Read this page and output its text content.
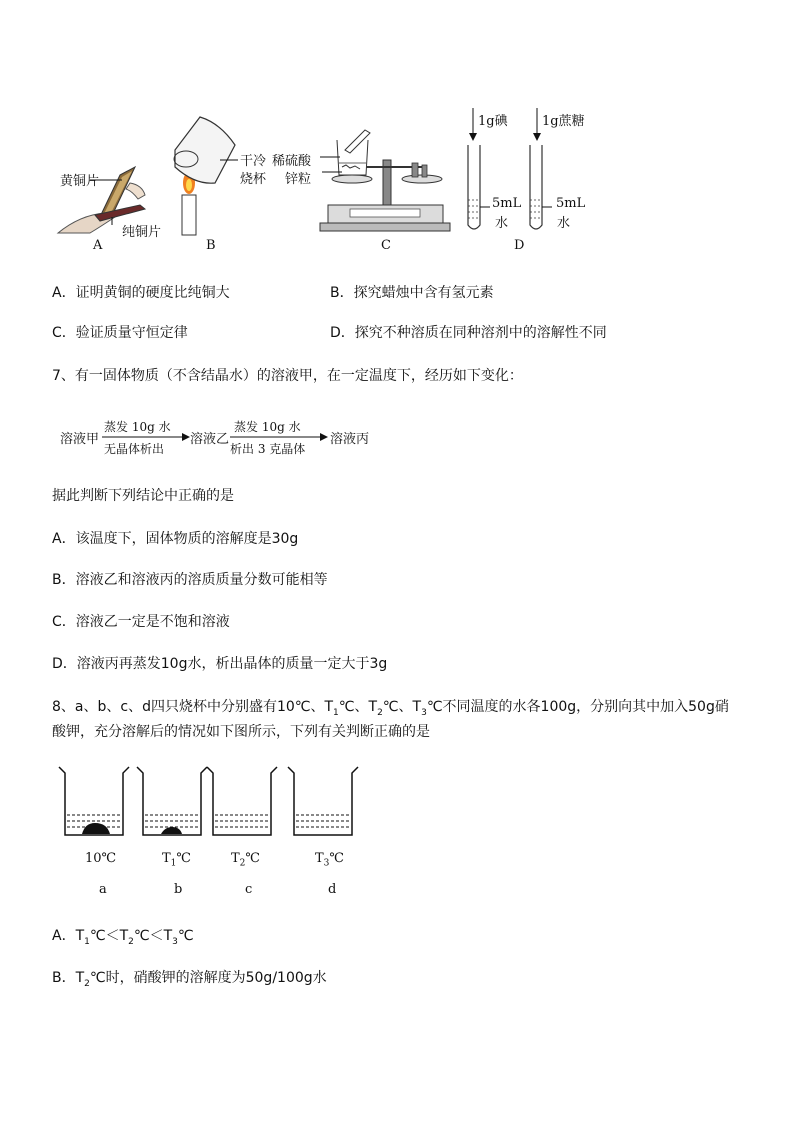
黄铜片
纯铜片
A
干冷
烧杯
B
稀硫酸
锌粒
C
1g碘	1g蔗糖
5mL
水
5mL
水
D
A．证明黄铜的硬度比纯铜大	B．探究蜡烛中含有氢元素
C．验证质量守恒定律	D．探究不种溶质在同种溶剂中的溶解性不同
7、有一固体物质（不含结晶水）的溶液甲，在一定温度下，经历如下变化：
溶液甲
蒸发 10g 水
无晶体析出
溶液乙
蒸发 10g 水
析出 3 克晶体
溶液丙
据此判断下列结论中正确的是
A．该温度下，固体物质的溶解度是30g
B．溶液乙和溶液丙的溶质质量分数可能相等
C．溶液乙一定是不饱和溶液
D．溶液丙再蒸发10g水，析出晶体的质量一定大于3g
8、a、b、c、d四只烧杯中分别盛有10℃、$T_1℃$、$T_2℃$、$T_3℃$不同温度的水各100g，分别向其中加入50g硝
酸钾，充分溶解后的情况如下图所示，下列有关判断正确的是
10℃	$T_1℃$	$T_2℃$	$T_3℃$
a	b	c	d
A．$T_1℃<T_2℃<T_3℃$
B．$T_2℃$时，硝酸钾的溶解度为50g/100g水
